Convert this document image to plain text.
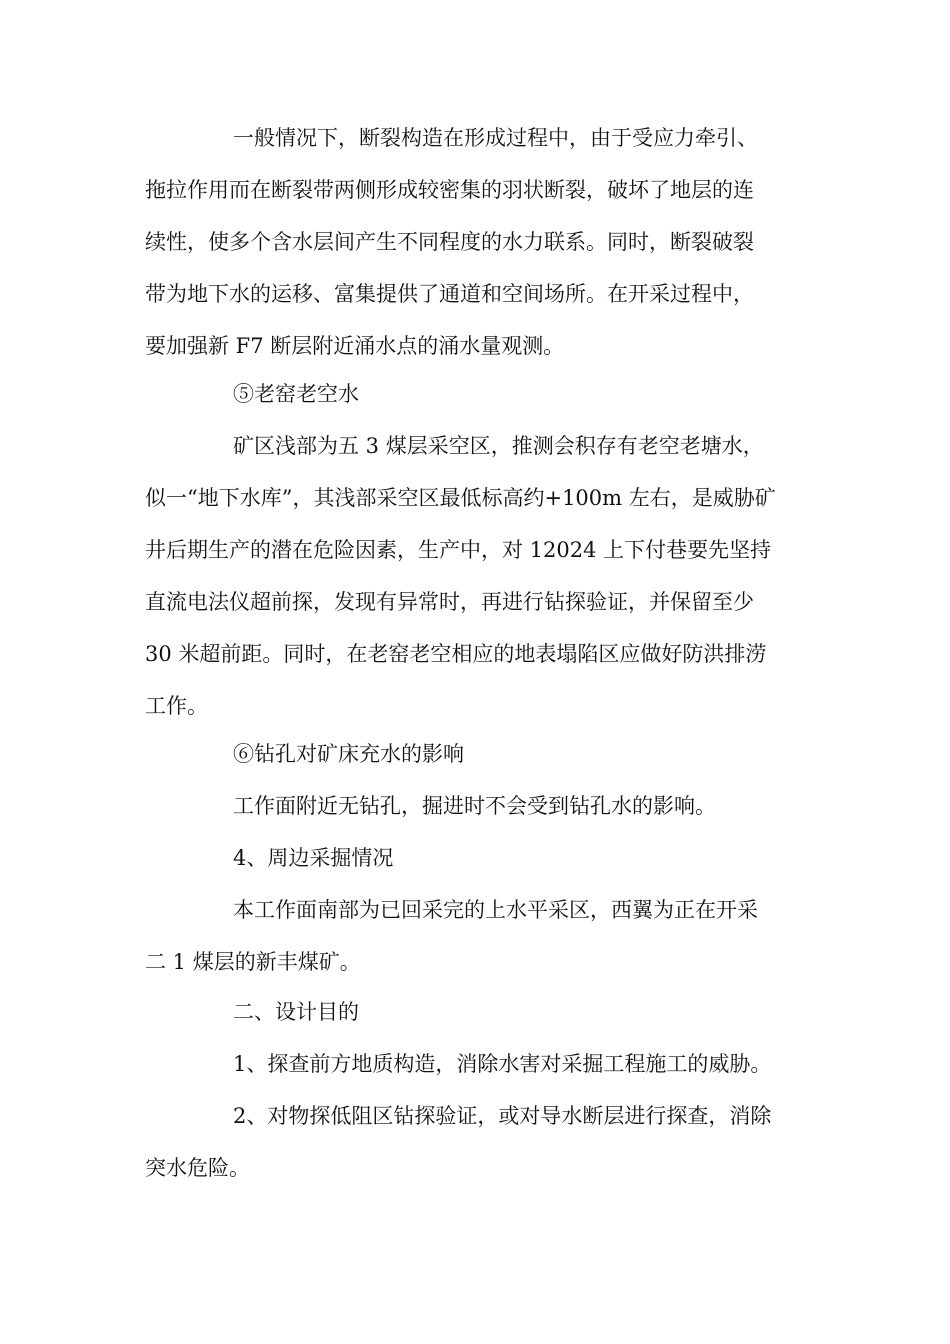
一般情况下，断裂构造在形成过程中，由于受应力牵引、
拖拉作用而在断裂带两侧形成较密集的羽状断裂，破坏了地层的连
续性，使多个含水层间产生不同程度的水力联系。同时，断裂破裂
带为地下水的运移、富集提供了通道和空间场所。在开采过程中，
要加强新 F7 断层附近涌水点的涌水量观测。

⑤老窑老空水

矿区浅部为五 3 煤层采空区，推测会积存有老空老塘水，
似一“地下水库”，其浅部采空区最低标高约+100m 左右，是威胁矿
井后期生产的潜在危险因素，生产中，对 12024 上下付巷要先坚持
直流电法仪超前探，发现有异常时，再进行钻探验证，并保留至少
30 米超前距。同时，在老窑老空相应的地表塌陷区应做好防洪排涝
工作。

⑥钻孔对矿床充水的影响

工作面附近无钻孔，掘进时不会受到钻孔水的影响。

4、周边采掘情况

本工作面南部为已回采完的上水平采区，西翼为正在开采
二 1 煤层的新丰煤矿。

二、设计目的

1、探查前方地质构造，消除水害对采掘工程施工的威胁。

2、对物探低阻区钻探验证，或对导水断层进行探查，消除
突水危险。
